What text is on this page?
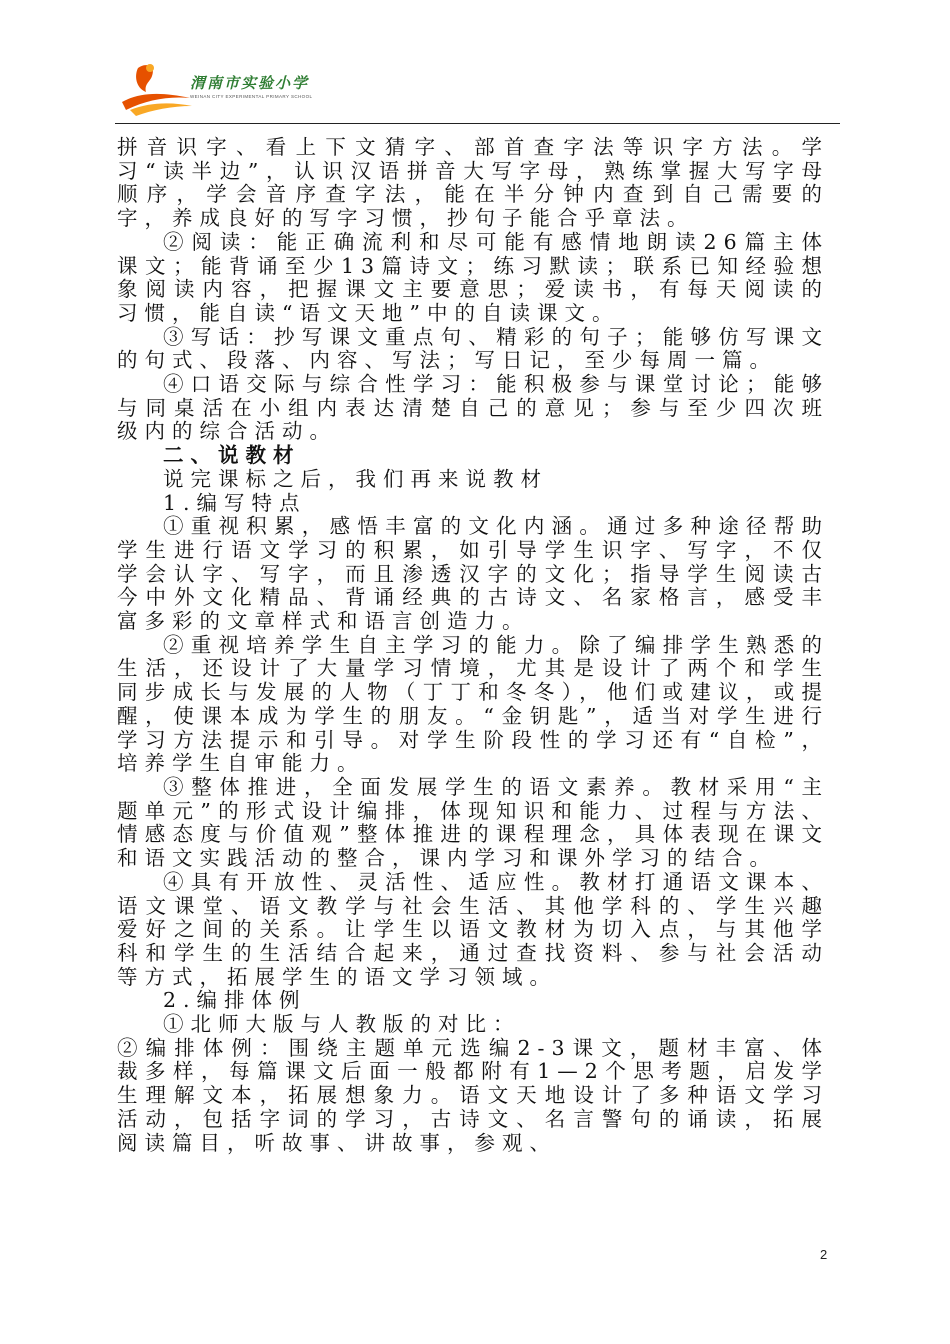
渭南市实验小学
WEINAN CITY EXPERIMENTAL PRIMARY SCHOOL

拼音识字、看上下文猜字、部首查字法等识字方法。学习“读半边”，认识汉语拼音大写字母，熟练掌握大写字母顺序，学会音序查字法，能在半分钟内查到自己需要的字，养成良好的写字习惯，抄句子能合乎章法。

②阅读：能正确流利和尽可能有感情地朗读26篇主体课文；能背诵至少13篇诗文；练习默读；联系已知经验想象阅读内容，把握课文主要意思；爱读书，有每天阅读的习惯，能自读“语文天地”中的自读课文。

③写话：抄写课文重点句、精彩的句子；能够仿写课文的句式、段落、内容、写法；写日记，至少每周一篇。

④口语交际与综合性学习：能积极参与课堂讨论；能够与同桌活在小组内表达清楚自己的意见；参与至少四次班级内的综合活动。

二、说教材

说完课标之后，我们再来说教材

1.编写特点

①重视积累，感悟丰富的文化内涵。通过多种途径帮助学生进行语文学习的积累，如引导学生识字、写字，不仅学会认字、写字，而且渗透汉字的文化；指导学生阅读古今中外文化精品、背诵经典的古诗文、名家格言，感受丰富多彩的文章样式和语言创造力。

②重视培养学生自主学习的能力。除了编排学生熟悉的生活，还设计了大量学习情境，尤其是设计了两个和学生同步成长与发展的人物（丁丁和冬冬），他们或建议，或提醒，使课本成为学生的朋友。“金钥匙”，适当对学生进行学习方法提示和引导。对学生阶段性的学习还有“自检”，培养学生自审能力。

③整体推进，全面发展学生的语文素养。教材采用“主题单元”的形式设计编排，体现知识和能力、过程与方法、情感态度与价值观”整体推进的课程理念，具体表现在课文和语文实践活动的整合，课内学习和课外学习的结合。

④具有开放性、灵活性、适应性。教材打通语文课本、语文课堂、语文教学与社会生活、其他学科的、学生兴趣爱好之间的关系。让学生以语文教材为切入点，与其他学科和学生的生活结合起来，通过查找资料、参与社会活动等方式，拓展学生的语文学习领域。

2.编排体例

①北师大版与人教版的对比：

②编排体例：围绕主题单元选编2-3课文，题材丰富、体裁多样，每篇课文后面一般都附有1—2个思考题，启发学生理解文本，拓展想象力。语文天地设计了多种语文学习活动，包括字词的学习，古诗文、名言警句的诵读，拓展阅读篇目，听故事、讲故事，参观、

2
